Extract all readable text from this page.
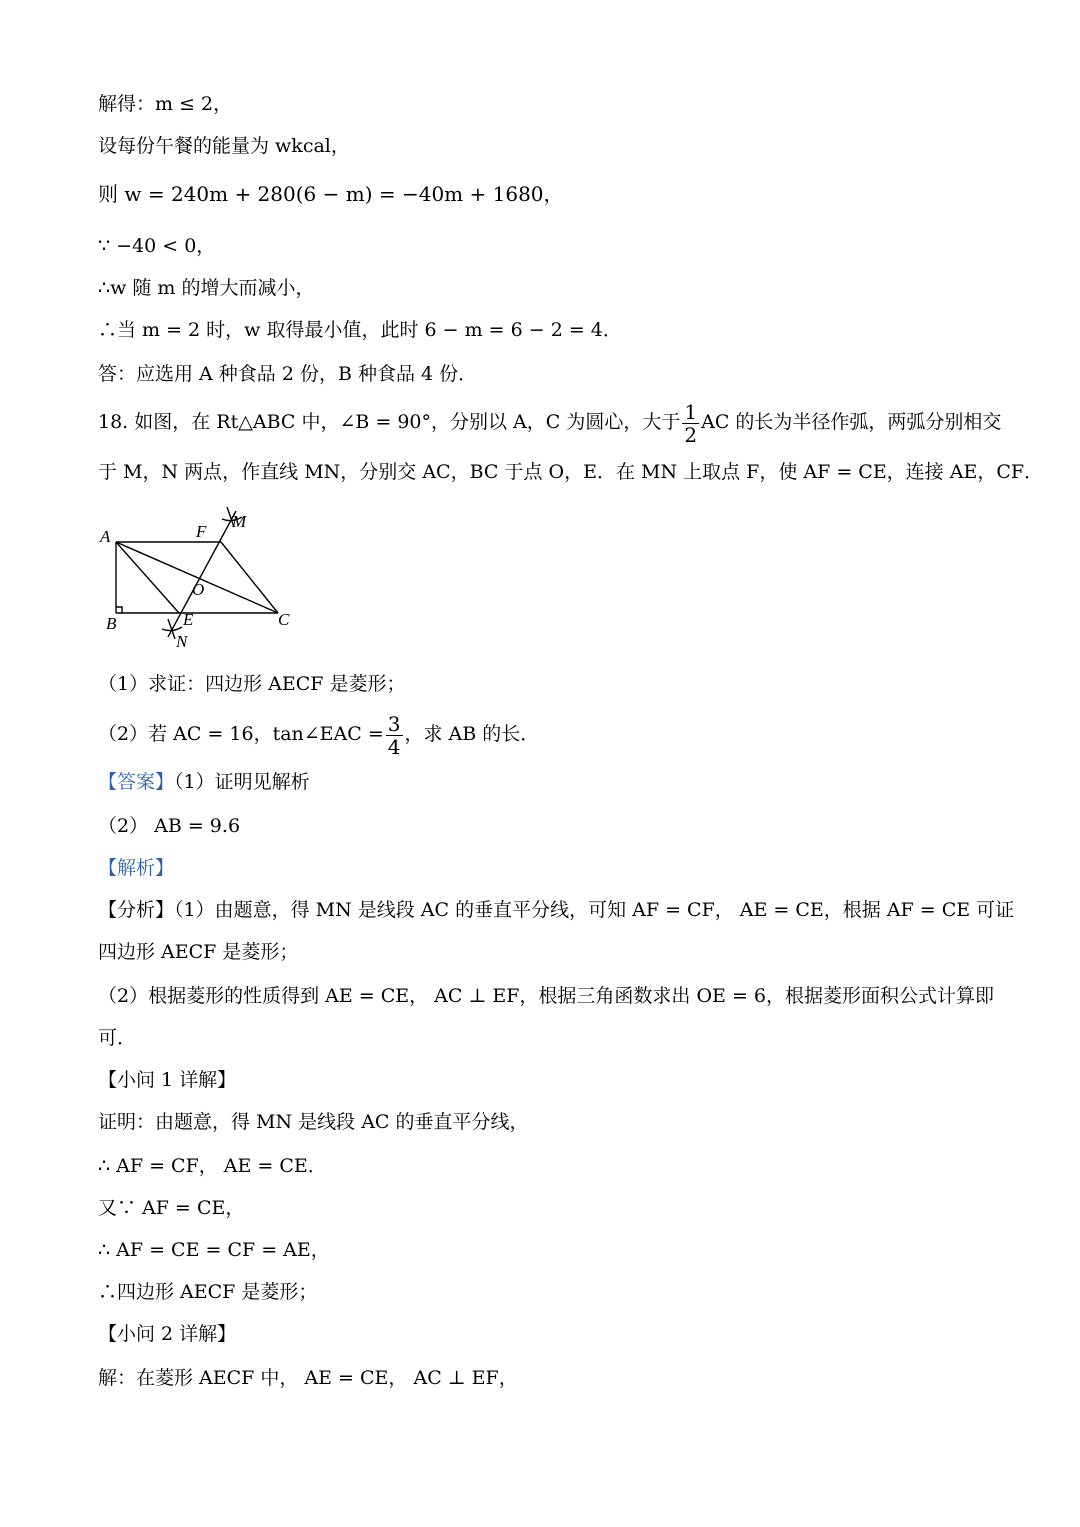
解得：m ≤ 2，
设每份午餐的能量为 wkcal，
则 w = 240m + 280(6 − m) = −40m + 1680，
∵ −40 < 0，
∴w 随 m 的增大而减小，
∴当 m = 2 时，w 取得最小值，此时 6 − m = 6 − 2 = 4．
答：应选用 A 种食品 2 份，B 种食品 4 份．
18. 如图，在 Rt△ABC 中，∠B = 90°，分别以 A，C 为圆心，大于 $\frac{1}{2}$ AC 的长为半径作弧，两弧分别相交
于 M，N 两点，作直线 MN，分别交 AC，BC 于点 O，E．在 MN 上取点 F，使 AF = CE，连接 AE，CF．
A
B	C
E
F
M
N
O
（1）求证：四边形 AECF 是菱形；
（2）若 AC = 16，tan∠EAC = $\frac{3}{4}$ ，求 AB 的长．
【答案】（1）证明见解析
（2） AB = 9.6
【解析】
【分析】（1）由题意，得 MN 是线段 AC 的垂直平分线，可知 AF = CF， AE = CE，根据 AF = CE 可证
四边形 AECF 是菱形；
（2）根据菱形的性质得到 AE = CE， AC ⊥ EF，根据三角函数求出 OE = 6，根据菱形面积公式计算即
可．
【小问 1 详解】
证明：由题意，得 MN 是线段 AC 的垂直平分线，
∴ AF = CF， AE = CE．
又∵ AF = CE，
∴ AF = CE = CF = AE，
∴四边形 AECF 是菱形；
【小问 2 详解】
解：在菱形 AECF 中， AE = CE， AC ⊥ EF，
